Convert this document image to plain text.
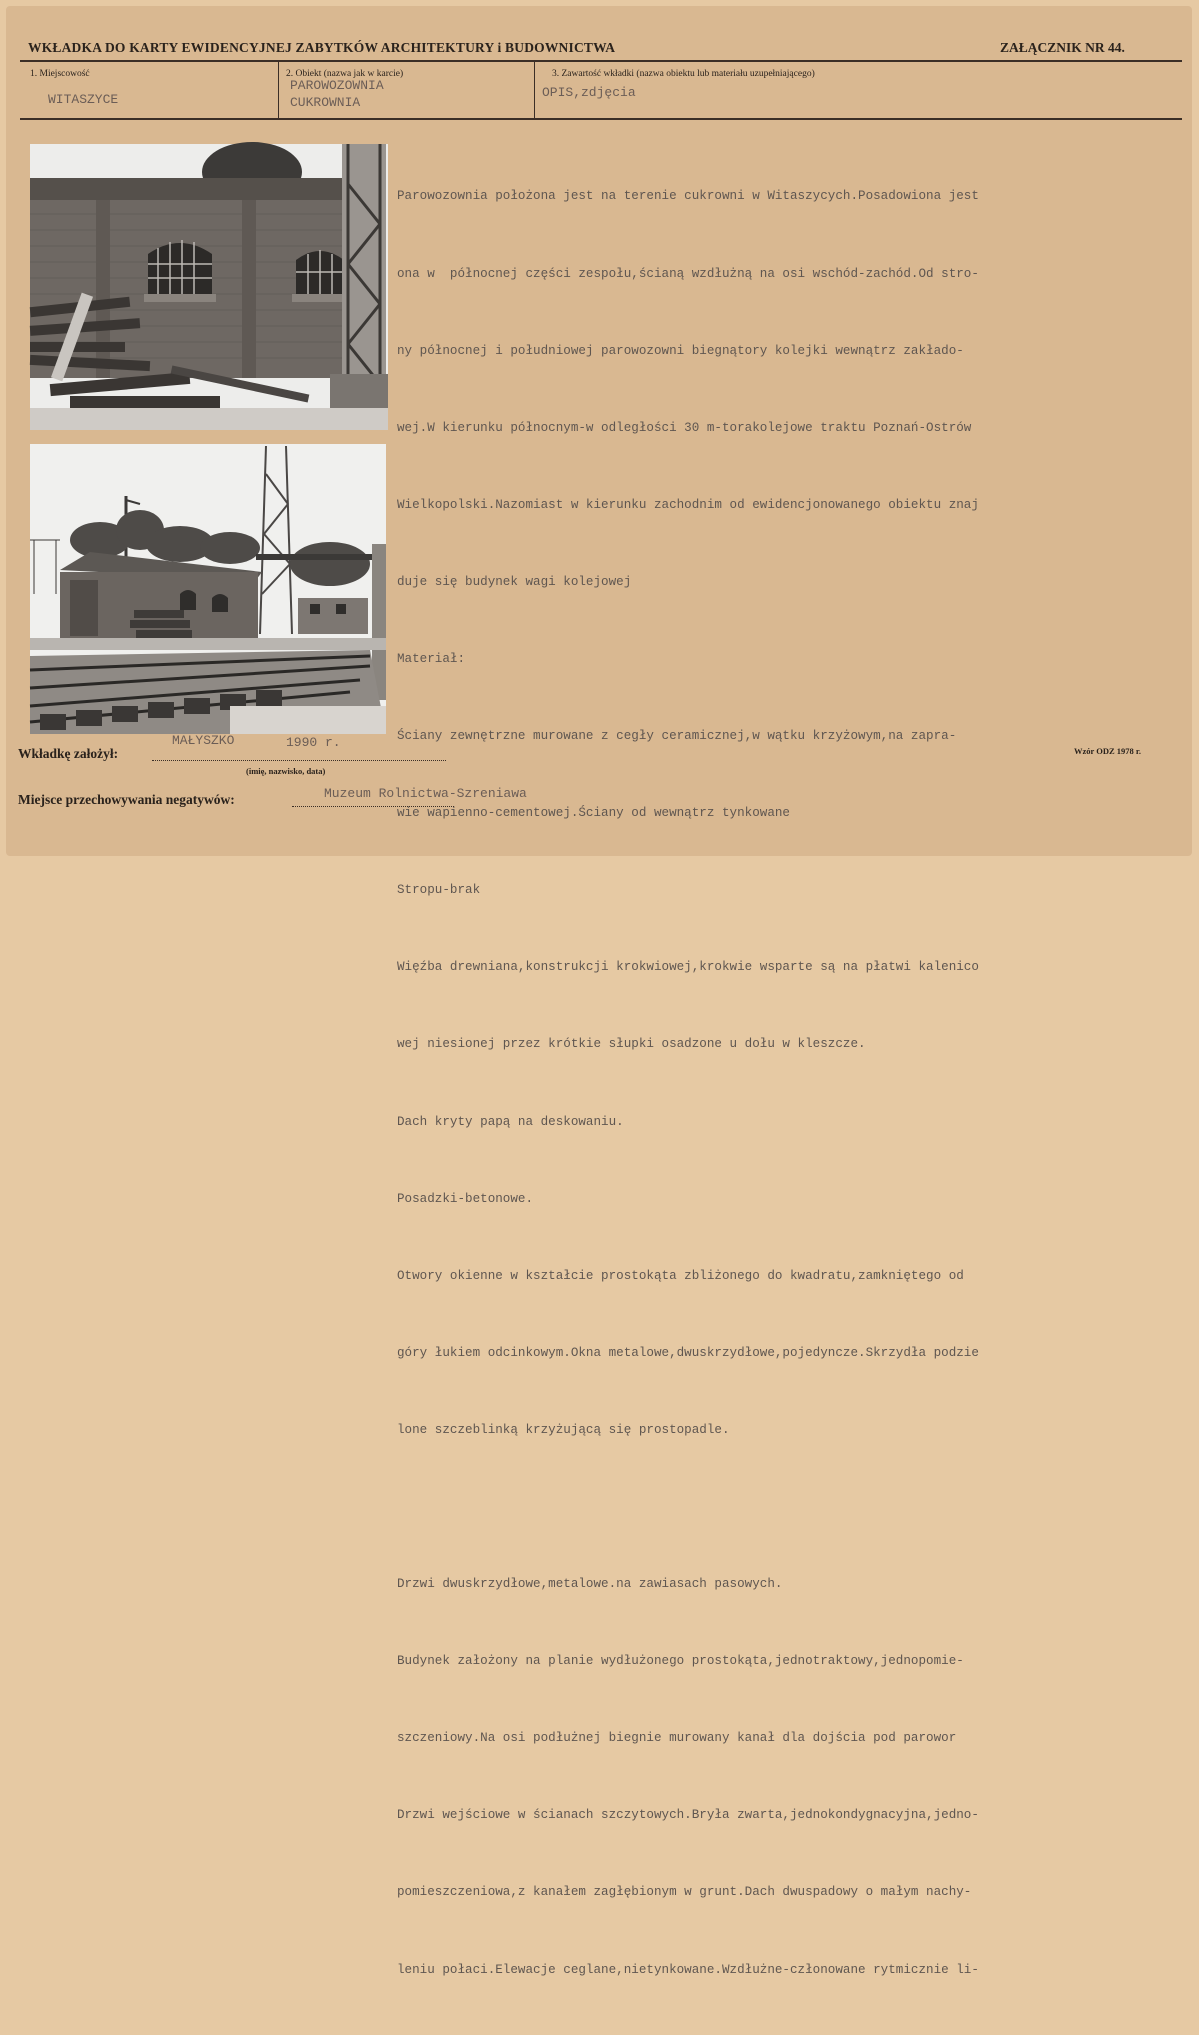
WKŁADKA DO KARTY EWIDENCYJNEJ ZABYTKÓW ARCHITEKTURY i BUDOWNICTWA	ZAŁĄCZNIK NR 44.
1. Miejscowość
WITASZYCE
2. Obiekt (nazwa jak w karcie)
PAROWOZOWNIA
CUKROWNIA
3. Zawartość wkładki (nazwa obiektu lub materiału uzupełniającego)
OPIS,zdjęcia

Parowozownia położona jest na terenie cukrowni w Witaszycych.Posadowiona jest

ona w  północnej części zespołu,ścianą wzdłużną na osi wschód-zachód.Od stro-

ny północnej i południowej parowozowni biegnątory kolejki wewnątrz zakłado-

wej.W kierunku północnym-w odległości 30 m-torakolejowe traktu Poznań-Ostrów

Wielkopolski.Nazomiast w kierunku zachodnim od ewidencjonowanego obiektu znaj

duje się budynek wagi kolejowej

Materiał:

Ściany zewnętrzne murowane z cegły ceramicznej,w wątku krzyżowym,na zapra-

wie wapienno-cementowej.Ściany od wewnątrz tynkowane

Stropu-brak

Więźba drewniana,konstrukcji krokwiowej,krokwie wsparte są na płatwi kalenico

wej niesionej przez krótkie słupki osadzone u dołu w kleszcze.

Dach kryty papą na deskowaniu.

Posadzki-betonowe.

Otwory okienne w kształcie prostokąta zbliżonego do kwadratu,zamkniętego od

góry łukiem odcinkowym.Okna metalowe,dwuskrzydłowe,pojedyncze.Skrzydła podzie

lone szczeblinką krzyżującą się prostopadle.

Drzwi dwuskrzydłowe,metalowe.na zawiasach pasowych.

Budynek założony na planie wydłużonego prostokąta,jednotraktowy,jednopomie-

szczeniowy.Na osi podłużnej biegnie murowany kanał dla dojścia pod parowor

Drzwi wejściowe w ścianach szczytowych.Bryła zwarta,jednokondygnacyjna,jedno-

pomieszczeniowa,z kanałem zagłębionym w grunt.Dach dwuspadowy o małym nachy-

leniu połaci.Elewacje ceglane,nietynkowane.Wzdłużne-członowane rytmicznie li-

Wkładkę założył:
MAŁYSZKO	1990 r.
(imię, nazwisko, data)
Wzór ODZ 1978 r.
Miejsce przechowywania negatywów:	Muzeum Rolnictwa-Szreniawa
